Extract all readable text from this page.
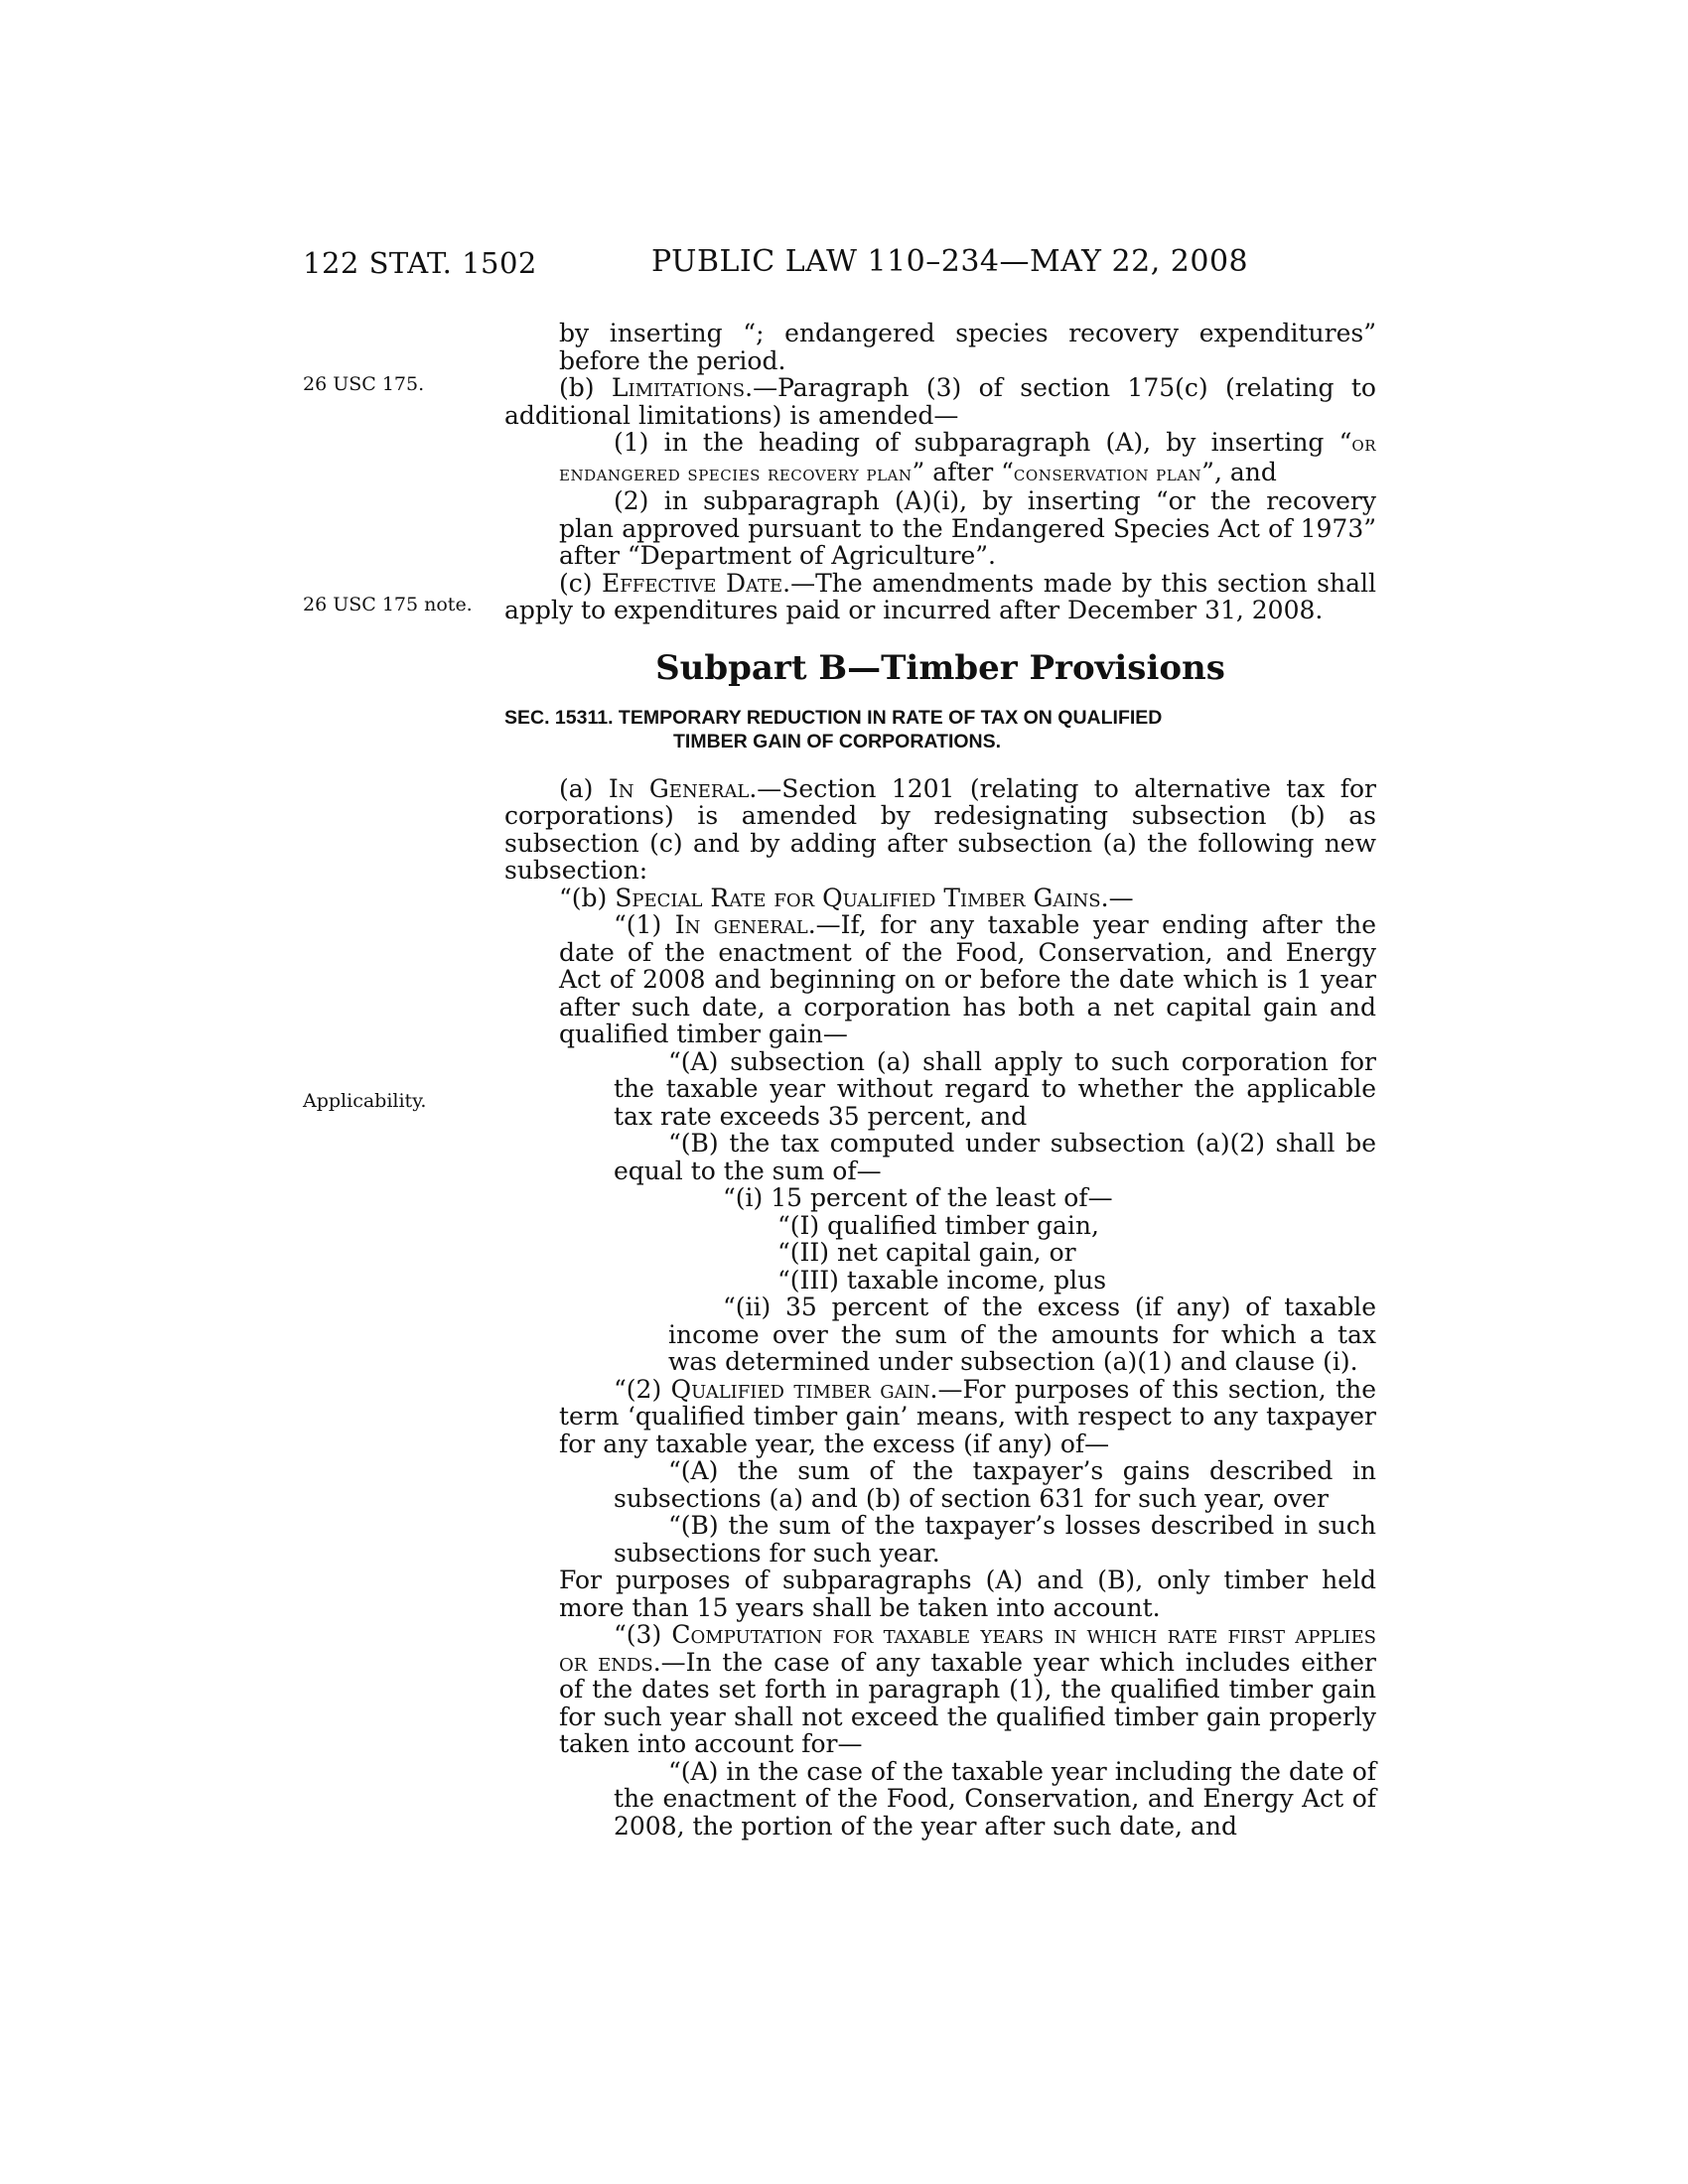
122 STAT. 1502	PUBLIC LAW 110–234—MAY 22, 2008
26 USC 175.
26 USC 175 note.
Applicability.

by inserting “; endangered species recovery expenditures” before the period.

(b) Limitations.—Paragraph (3) of section 175(c) (relating to additional limitations) is amended—

(1) in the heading of subparagraph (A), by inserting “or endangered species recovery plan” after “conservation plan”, and

(2) in subparagraph (A)(i), by inserting “or the recovery plan approved pursuant to the Endangered Species Act of 1973” after “Department of Agriculture”.

(c) Effective Date.—The amendments made by this section shall apply to expenditures paid or incurred after December 31, 2008.

Subpart B—Timber Provisions
SEC. 15311. TEMPORARY REDUCTION IN RATE OF TAX ON QUALIFIED
TIMBER GAIN OF CORPORATIONS.

(a) In General.—Section 1201 (relating to alternative tax for corporations) is amended by redesignating subsection (b) as subsection (c) and by adding after subsection (a) the following new subsection:

“(b) Special Rate for Qualified Timber Gains.—

“(1) In general.—If, for any taxable year ending after the date of the enactment of the Food, Conservation, and Energy Act of 2008 and beginning on or before the date which is 1 year after such date, a corporation has both a net capital gain and qualified timber gain—

“(A) subsection (a) shall apply to such corporation for the taxable year without regard to whether the applicable tax rate exceeds 35 percent, and

“(B) the tax computed under subsection (a)(2) shall be equal to the sum of—

“(i) 15 percent of the least of—

“(I) qualified timber gain,

“(II) net capital gain, or

“(III) taxable income, plus

“(ii) 35 percent of the excess (if any) of taxable income over the sum of the amounts for which a tax was determined under subsection (a)(1) and clause (i).

“(2) Qualified timber gain.—For purposes of this section, the term ‘qualified timber gain’ means, with respect to any taxpayer for any taxable year, the excess (if any) of—

“(A) the sum of the taxpayer’s gains described in subsections (a) and (b) of section 631 for such year, over

“(B) the sum of the taxpayer’s losses described in such subsections for such year.

For purposes of subparagraphs (A) and (B), only timber held more than 15 years shall be taken into account.

“(3) Computation for taxable years in which rate first applies or ends.—In the case of any taxable year which includes either of the dates set forth in paragraph (1), the qualified timber gain for such year shall not exceed the qualified timber gain properly taken into account for—

“(A) in the case of the taxable year including the date of the enactment of the Food, Conservation, and Energy Act of 2008, the portion of the year after such date, and
